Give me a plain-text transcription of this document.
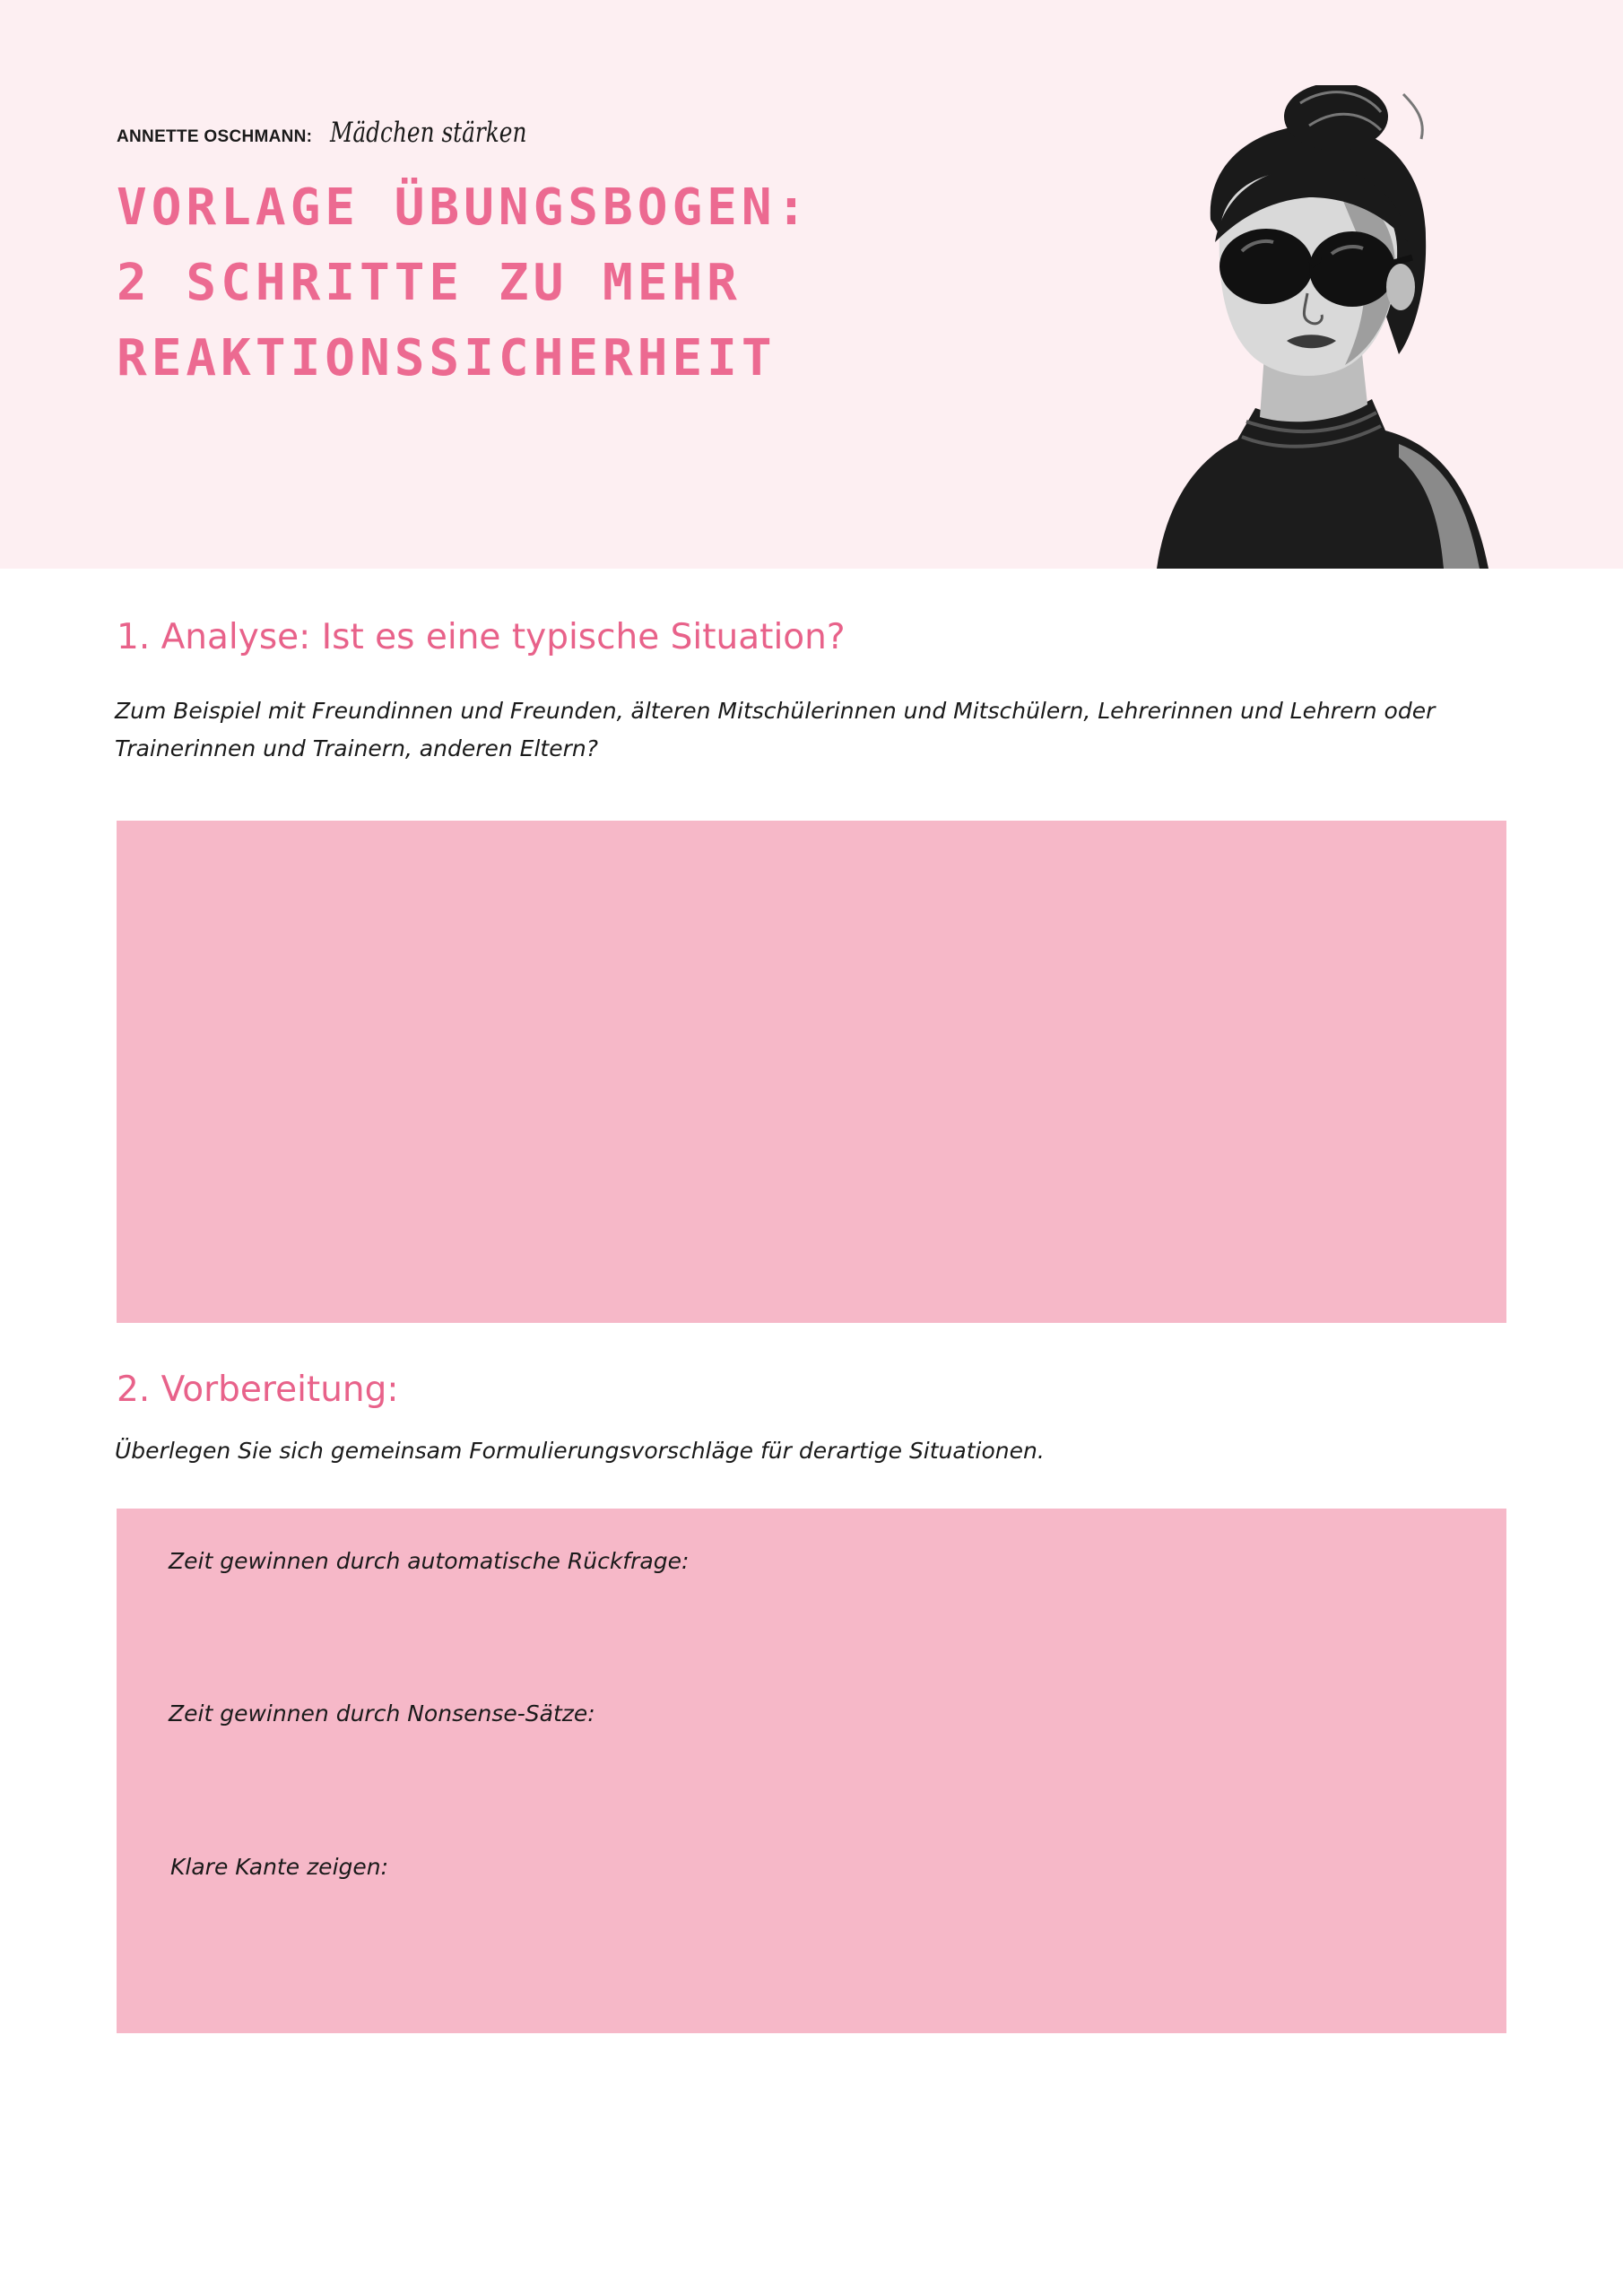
ANNETTE OSCHMANN: Mädchen stärken
VORLAGE ÜBUNGSBOGEN:
2 SCHRITTE ZU MEHR
REAKTIONSSICHERHEIT
1. Analyse: Ist es eine typische Situation?

Zum Beispiel mit Freundinnen und Freunden, älteren Mitschülerinnen und Mitschülern, Lehrerinnen und Lehrern oder
Trainerinnen und Trainern, anderen Eltern?

2. Vorbereitung:

Überlegen Sie sich gemeinsam Formulierungsvorschläge für derartige Situationen.

Zeit gewinnen durch automatische Rückfrage:

Zeit gewinnen durch Nonsense-Sätze:

Klare Kante zeigen:
